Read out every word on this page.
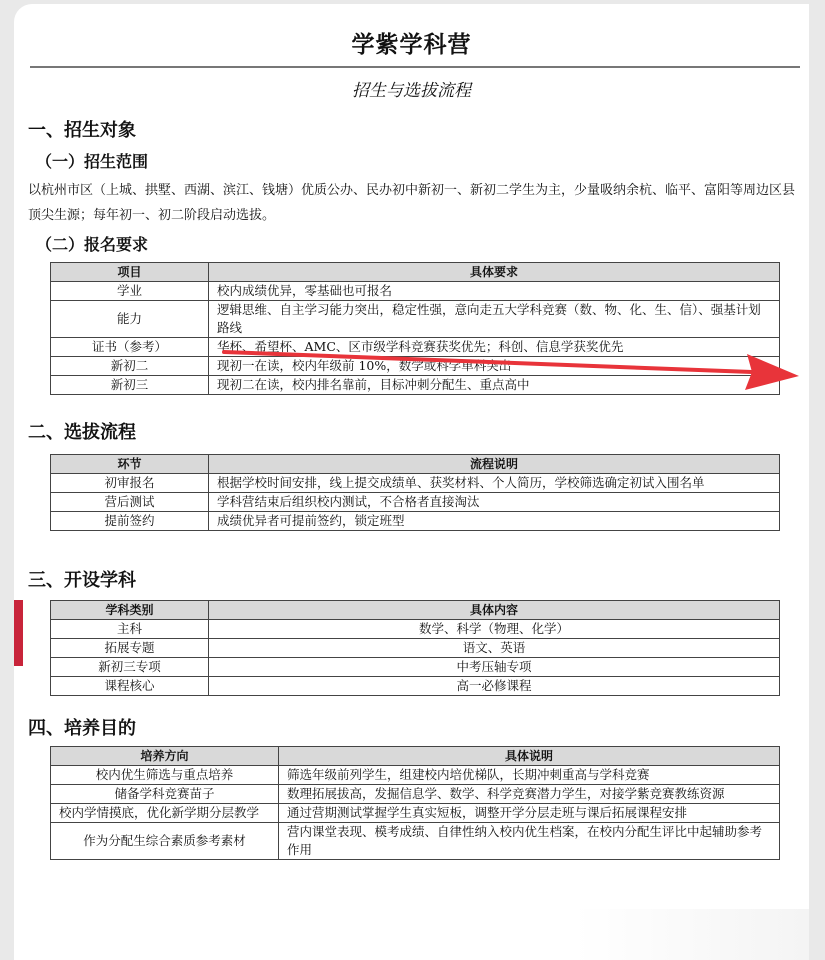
学紫学科营
招生与选拔流程
一、招生对象
（一）招生范围
以杭州市区（上城、拱墅、西湖、滨江、钱塘）优质公办、民办初中新初一、新初二学生为主，少量吸纳余杭、临平、富阳等周边区县顶尖生源；每年初一、初二阶段启动选拔。
（二）报名要求
项目	具体要求
学业	校内成绩优异，零基础也可报名
能力	逻辑思维、自主学习能力突出，稳定性强，意向走五大学科竞赛（数、物、化、生、信）、强基计划路线
证书（参考）	华杯、希望杯、AMC、区市级学科竞赛获奖优先；科创、信息学获奖优先
新初二	现初一在读，校内年级前 10%，数学或科学单科突出
新初三	现初二在读，校内排名靠前，目标冲刺分配生、重点高中
二、选拔流程
环节	流程说明
初审报名	根据学校时间安排，线上提交成绩单、获奖材料、个人简历，学校筛选确定初试入围名单
营后测试	学科营结束后组织校内测试，不合格者直接淘汰
提前签约	成绩优异者可提前签约，锁定班型
三、开设学科
学科类别	具体内容
主科	数学、科学（物理、化学）
拓展专题	语文、英语
新初三专项	中考压轴专项
课程核心	高一必修课程
四、培养目的
培养方向	具体说明
校内优生筛选与重点培养	筛选年级前列学生，组建校内培优梯队，长期冲刺重高与学科竞赛
储备学科竞赛苗子	数理拓展拔高，发掘信息学、数学、科学竞赛潜力学生，对接学紫竞赛教练资源
校内学情摸底，优化新学期分层教学	通过营期测试掌握学生真实短板，调整开学分层走班与课后拓展课程安排
作为分配生综合素质参考素材	营内课堂表现、模考成绩、自律性纳入校内优生档案，在校内分配生评比中起辅助参考作用
